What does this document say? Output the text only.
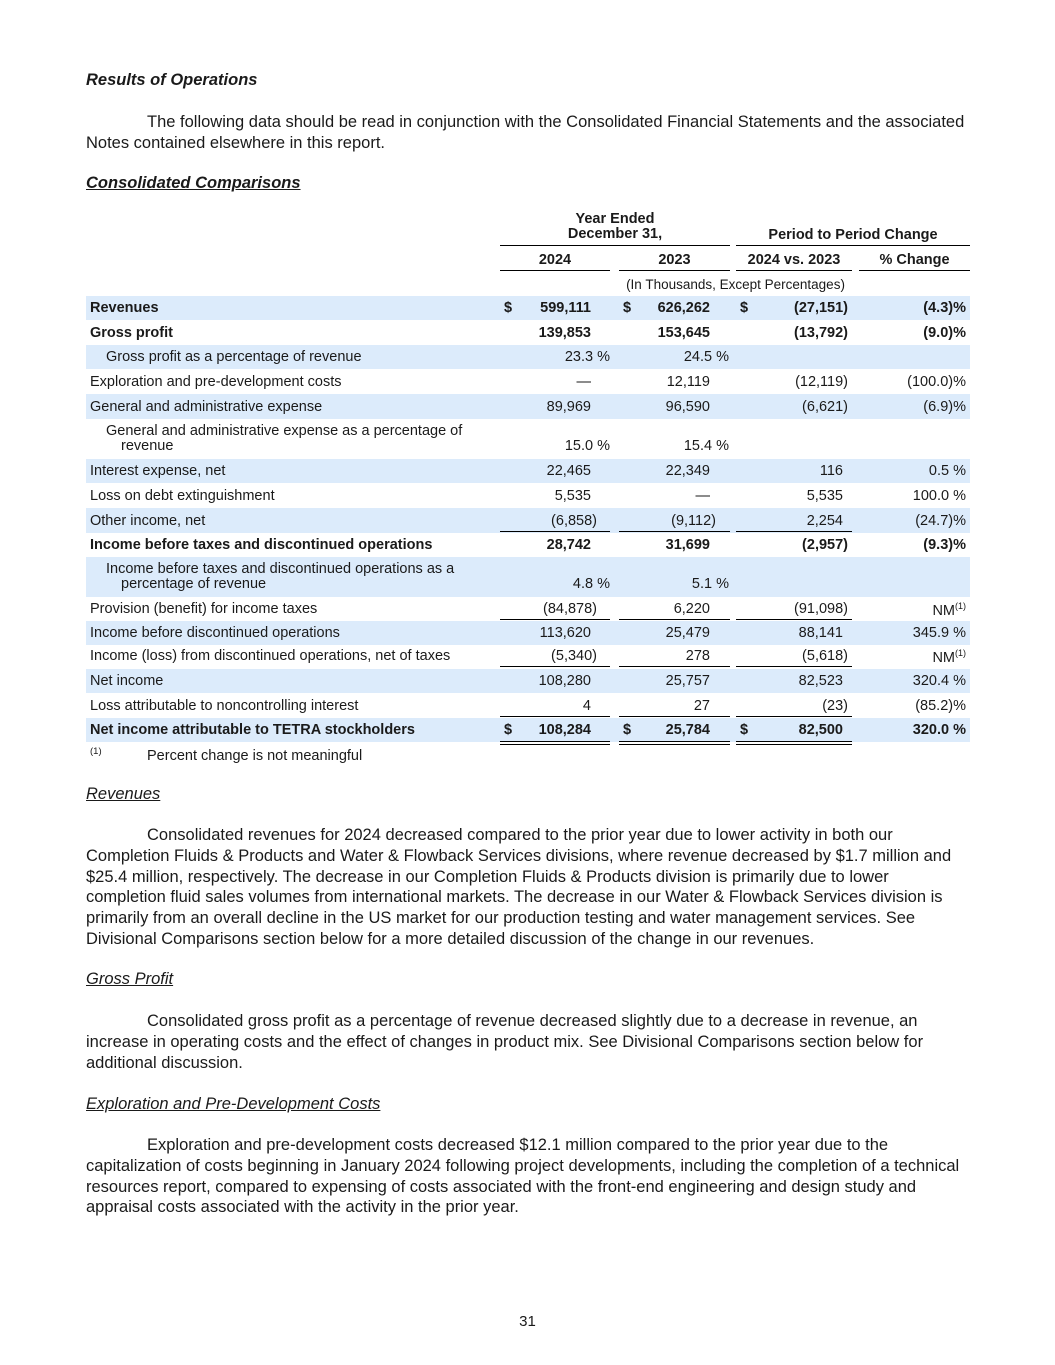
Results of Operations
The following data should be read in conjunction with the Consolidated Financial Statements and the associated Notes contained elsewhere in this report.
Consolidated Comparisons
Year Ended
December 31,	Period to Period Change
2024	2023	2024 vs. 2023	% Change
(In Thousands, Except Percentages)
Revenues	$	599,111 $	626,262 $	(27,151)	(4.3)%
Gross profit	139,853	153,645	(13,792)	(9.0)%
Gross profit as a percentage of revenue	23.3 %	24.5 %
Exploration and pre-development costs	—	12,119	(12,119)	(100.0)%
General and administrative expense	89,969	96,590	(6,621)	(6.9)%
General and administrative expense as a percentage of
revenue	15.0 %	15.4 %
Interest expense, net	22,465	22,349	116	0.5 %
Loss on debt extinguishment	5,535	—	5,535	100.0 %
Other income, net	(6,858)	(9,112)	2,254	(24.7)%
Income before taxes and discontinued operations	28,742	31,699	(2,957)	(9.3)%
Income before taxes and discontinued operations as a
percentage of revenue	4.8 %	5.1 %
Provision (benefit) for income taxes	(84,878)	6,220	(91,098)	NM$^{(1)}$
Income before discontinued operations	113,620	25,479	88,141	345.9 %
Income (loss) from discontinued operations, net of taxes	(5,340)	278	(5,618)	NM$^{(1)}$
Net income	108,280	25,757	82,523	320.4 %
Loss attributable to noncontrolling interest	4	27	(23)	(85.2)%
Net income attributable to TETRA stockholders	$	108,284 $	25,784 $	82,500	320.0 %
(1)	Percent change is not meaningful
Revenues
Consolidated revenues for 2024 decreased compared to the prior year due to lower activity in both our Completion Fluids & Products and Water & Flowback Services divisions, where revenue decreased by $1.7 million and $25.4 million, respectively. The decrease in our Completion Fluids & Products division is primarily due to lower completion fluid sales volumes from international markets. The decrease in our Water & Flowback Services division is primarily from an overall decline in the US market for our production testing and water management services. See Divisional Comparisons section below for a more detailed discussion of the change in our revenues.
Gross Profit
Consolidated gross profit as a percentage of revenue decreased slightly due to a decrease in revenue, an increase in operating costs and the effect of changes in product mix. See Divisional Comparisons section below for additional discussion.
Exploration and Pre-Development Costs
Exploration and pre-development costs decreased $12.1 million compared to the prior year due to the capitalization of costs beginning in January 2024 following project developments, including the completion of a technical resources report, compared to expensing of costs associated with the front-end engineering and design study and appraisal costs associated with the activity in the prior year.
31
